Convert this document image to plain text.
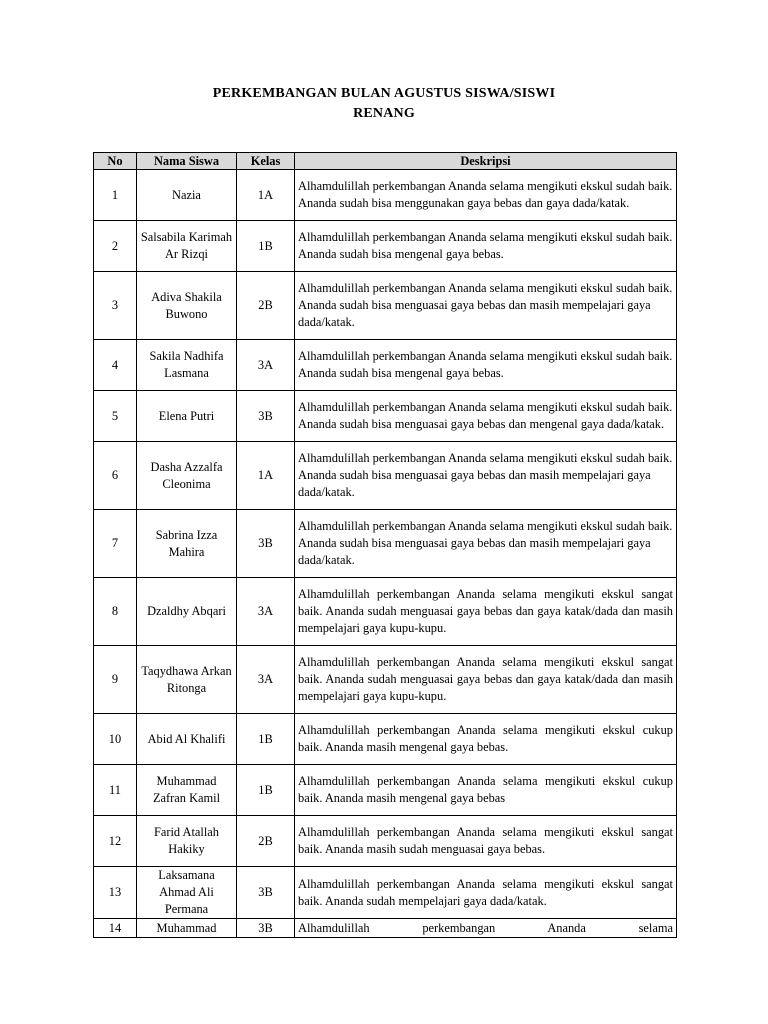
PERKEMBANGAN BULAN AGUSTUS SISWA/SISWI
RENANG
No	Nama Siswa	Kelas	Deskripsi
1	Nazia	1A	Alhamdulillah perkembangan Ananda selama mengikuti ekskul sudah baik. Ananda sudah bisa menggunakan gaya bebas dan gaya dada/katak.
2	Salsabila Karimah Ar Rizqi	1B	Alhamdulillah perkembangan Ananda selama mengikuti ekskul sudah baik. Ananda sudah bisa mengenal gaya bebas.
3	Adiva Shakila Buwono	2B	Alhamdulillah perkembangan Ananda selama mengikuti ekskul sudah baik. Ananda sudah bisa menguasai gaya bebas dan masih mempelajari gaya dada/katak.
4	Sakila Nadhifa Lasmana	3A	Alhamdulillah perkembangan Ananda selama mengikuti ekskul sudah baik. Ananda sudah bisa mengenal gaya bebas.
5	Elena Putri	3B	Alhamdulillah perkembangan Ananda selama mengikuti ekskul sudah baik. Ananda sudah bisa menguasai gaya bebas dan mengenal gaya dada/katak.
6	Dasha Azzalfa Cleonima	1A	Alhamdulillah perkembangan Ananda selama mengikuti ekskul sudah baik. Ananda sudah bisa menguasai gaya bebas dan masih mempelajari gaya dada/katak.
7	Sabrina Izza Mahira	3B	Alhamdulillah perkembangan Ananda selama mengikuti ekskul sudah baik. Ananda sudah bisa menguasai gaya bebas dan masih mempelajari gaya dada/katak.
8	Dzaldhy Abqari	3A	Alhamdulillah perkembangan Ananda selama mengikuti ekskul sangat baik. Ananda sudah menguasai gaya bebas dan gaya katak/dada dan masih mempelajari gaya kupu-kupu.
9	Taqydhawa Arkan Ritonga	3A	Alhamdulillah perkembangan Ananda selama mengikuti ekskul sangat baik. Ananda sudah menguasai gaya bebas dan gaya katak/dada dan masih mempelajari gaya kupu-kupu.
10	Abid Al Khalifi	1B	Alhamdulillah perkembangan Ananda selama mengikuti ekskul cukup baik. Ananda masih mengenal gaya bebas.
11	Muhammad Zafran Kamil	1B	Alhamdulillah perkembangan Ananda selama mengikuti ekskul cukup baik. Ananda masih mengenal gaya bebas
12	Farid Atallah Hakiky	2B	Alhamdulillah perkembangan Ananda selama mengikuti ekskul sangat baik. Ananda masih sudah menguasai gaya bebas.
13	Laksamana Ahmad Ali Permana	3B	Alhamdulillah perkembangan Ananda selama mengikuti ekskul sangat baik. Ananda sudah mempelajari gaya dada/katak.
14	Muhammad	3B	Alhamdulillah perkembangan Ananda selama
